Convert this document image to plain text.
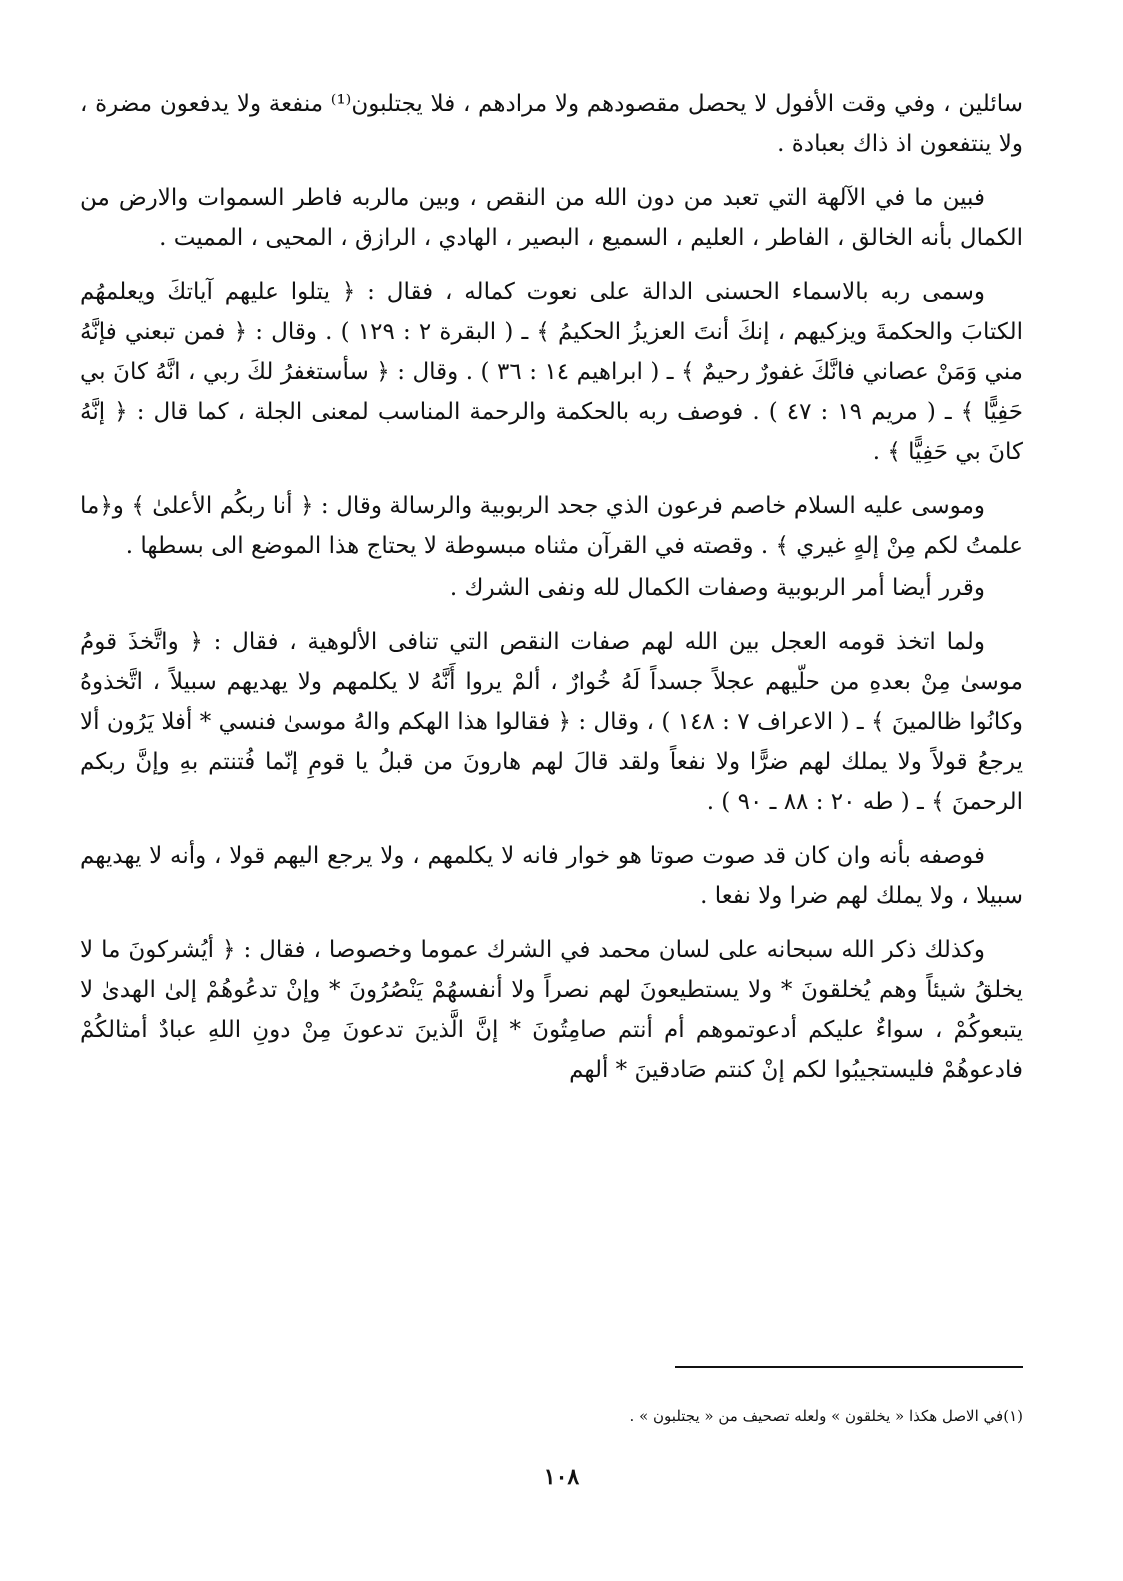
سائلين ، وفي وقت الأفول لا يحصل مقصودهم ولا مرادهم ، فلا يجتلبون⁽¹⁾ منفعة ولا يدفعون مضرة ، ولا ينتفعون اذ ذاك بعبادة .

فبين ما في الآلهة التي تعبد من دون الله من النقص ، وبين مالربه فاطر السموات والارض من الكمال بأنه الخالق ، الفاطر ، العليم ، السميع ، البصير ، الهادي ، الرازق ، المحيى ، المميت .

وسمى ربه بالاسماء الحسنى الدالة على نعوت كماله ، فقال : ﴿ يتلوا عليهم آياتكَ ويعلمهُم الكتابَ والحكمةَ ويزكيهم ، إنكَ أنتَ العزيزُ الحكيمُ ﴾ ـ ( البقرة ٢ : ١٢٩ ) . وقال : ﴿ فمن تبعني فإنَّهُ مني وَمَنْ عصاني فانَّكَ غفورٌ رحيمٌ ﴾ ـ ( ابراهيم ١٤ : ٣٦ ) . وقال : ﴿ سأستغفرُ لكَ ربي ، انَّهُ كانَ بي حَفِيًّا ﴾ ـ ( مريم ١٩ : ٤٧ ) . فوصف ربه بالحكمة والرحمة المناسب لمعنى الجلة ، كما قال : ﴿ إنَّهُ كانَ بي حَفِيًّا ﴾ .

وموسى عليه السلام خاصم فرعون الذي جحد الربوبية والرسالة وقال : ﴿ أنا ربكُم الأعلىٰ ﴾ و﴿ما علمتُ لكم مِنْ إلهٍ غيري ﴾ . وقصته في القرآن مثناه مبسوطة لا يحتاج هذا الموضع الى بسطها .

وقرر أيضا أمر الربوبية وصفات الكمال لله ونفى الشرك .

ولما اتخذ قومه العجل بين الله لهم صفات النقص التي تنافى الألوهية ، فقال : ﴿ واتَّخذَ قومُ موسىٰ مِنْ بعدهِ من حلّيهم عجلاً جسداً لَهُ خُوارٌ ، ألمْ يروا أَنَّهُ لا يكلمهم ولا يهديهم سبيلاً ، اتَّخذوهُ وكانُوا ظالمينَ ﴾ ـ ( الاعراف ٧ : ١٤٨ ) ، وقال : ﴿ فقالوا هذا الهكم والهُ موسىٰ فنسي * أفلا يَرُون ألا يرجعُ قولاً ولا يملك لهم ضرًّا ولا نفعاً ولقد قالَ لهم هارونَ من قبلُ يا قومِ إنّما فُتنتم بهِ وإنَّ ربكم الرحمنَ ﴾ ـ ( طه ٢٠ : ٨٨ ـ ٩٠ ) .

فوصفه بأنه وان كان قد صوت صوتا هو خوار فانه لا يكلمهم ، ولا يرجع اليهم قولا ، وأنه لا يهديهم سبيلا ، ولا يملك لهم ضرا ولا نفعا .

وكذلك ذكر الله سبحانه على لسان محمد في الشرك عموما وخصوصا ، فقال : ﴿ أيُشركونَ ما لا يخلقُ شيئاً وهم يُخلقونَ * ولا يستطيعونَ لهم نصراً ولا أنفسهُمْ يَنْصُرُونَ * وإنْ تدعُوهُمْ إلىٰ الهدىٰ لا يتبعوكُمْ ، سواءٌ عليكم أدعوتموهم أم أنتم صامِتُونَ * إنَّ الَّذينَ تدعونَ مِنْ دونِ اللهِ عبادٌ أمثالكُمْ فادعوهُمْ فليستجيبُوا لكم إنْ كنتم صَادقينَ * ألهم

(١)في الاصل هكذا « يخلقون » ولعله تصحيف من « يجتلبون » .
١٠٨
